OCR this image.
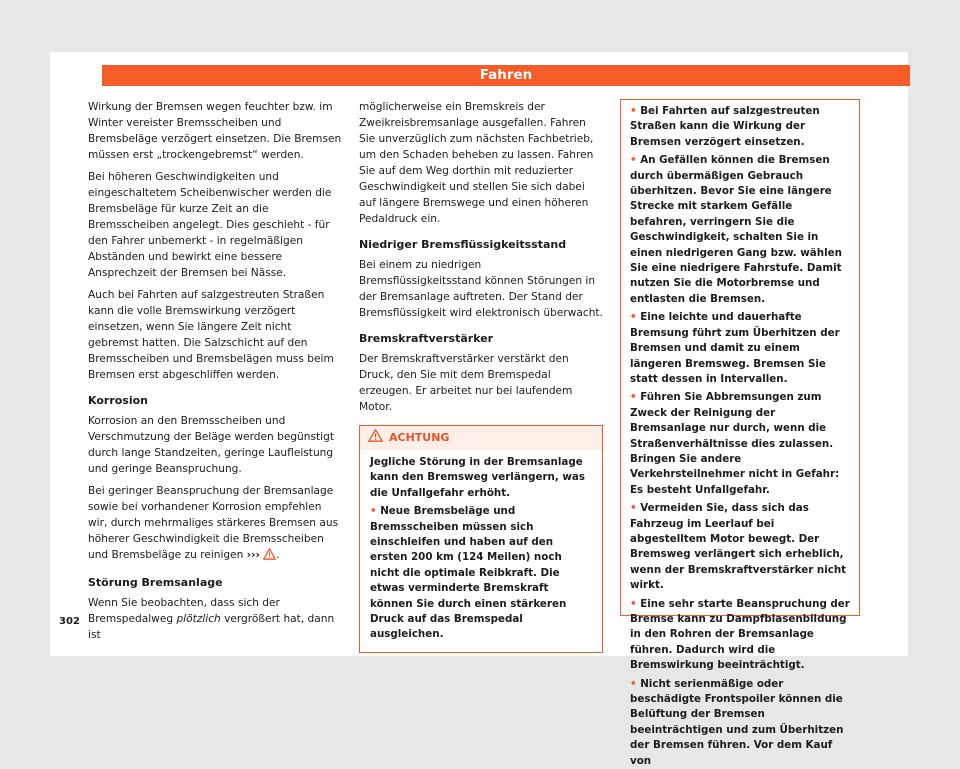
Fahren

Wirkung der Bremsen wegen feuchter bzw. im Winter vereister Bremsscheiben und Bremsbeläge verzögert einsetzen. Die Bremsen müssen erst „trockengebremst“ werden.

Bei höheren Geschwindigkeiten und eingeschaltetem Scheibenwischer werden die Bremsbeläge für kurze Zeit an die Bremsscheiben angelegt. Dies geschieht - für den Fahrer unbemerkt - in regelmäßigen Abständen und bewirkt eine bessere Ansprechzeit der Bremsen bei Nässe.

Auch bei Fahrten auf salzgestreuten Straßen kann die volle Bremswirkung verzögert einsetzen, wenn Sie längere Zeit nicht gebremst hatten. Die Salzschicht auf den Bremsscheiben und Bremsbelägen muss beim Bremsen erst abgeschliffen werden.

Korrosion

Korrosion an den Bremsscheiben und Verschmutzung der Beläge werden begünstigt durch lange Standzeiten, geringe Laufleistung und geringe Beanspruchung.

Bei geringer Beanspruchung der Bremsanlage sowie bei vorhandener Korrosion empfehlen wir, durch mehrmaliges stärkeres Bremsen aus höherer Geschwindigkeit die Bremsscheiben und Bremsbeläge zu reinigen ››› .

Störung Bremsanlage

Wenn Sie beobachten, dass sich der Bremspedalweg plötzlich vergrößert hat, dann ist

möglicherweise ein Bremskreis der Zweikreisbremsanlage ausgefallen. Fahren Sie unverzüglich zum nächsten Fachbetrieb, um den Schaden beheben zu lassen. Fahren Sie auf dem Weg dorthin mit reduzierter Geschwindigkeit und stellen Sie sich dabei auf längere Bremswege und einen höheren Pedaldruck ein.

Niedriger Bremsflüssigkeitsstand

Bei einem zu niedrigen Bremsflüssigkeitsstand können Störungen in der Bremsanlage auftreten. Der Stand der Bremsflüssigkeit wird elektronisch überwacht.

Bremskraftverstärker

Der Bremskraftverstärker verstärkt den Druck, den Sie mit dem Bremspedal erzeugen. Er arbeitet nur bei laufendem Motor.

ACHTUNG

Jegliche Störung in der Bremsanlage kann den Bremsweg verlängern, was die Unfallgefahr erhöht.

• Neue Bremsbeläge und Bremsscheiben müssen sich einschleifen und haben auf den ersten 200 km (124 Meilen) noch nicht die optimale Reibkraft. Die etwas verminderte Bremskraft können Sie durch einen stärkeren Druck auf das Bremspedal ausgleichen.

• Bei Fahrten auf salzgestreuten Straßen kann die Wirkung der Bremsen verzögert einsetzen.

• An Gefällen können die Bremsen durch übermäßigen Gebrauch überhitzen. Bevor Sie eine längere Strecke mit starkem Gefälle befahren, verringern Sie die Geschwindigkeit, schalten Sie in einen niedrigeren Gang bzw. wählen Sie eine niedrigere Fahrstufe. Damit nutzen Sie die Motorbremse und entlasten die Bremsen.

• Eine leichte und dauerhafte Bremsung führt zum Überhitzen der Bremsen und damit zu einem längeren Bremsweg. Bremsen Sie statt dessen in Intervallen.

• Führen Sie Abbremsungen zum Zweck der Reinigung der Bremsanlage nur durch, wenn die Straßenverhältnisse dies zulassen. Bringen Sie andere Verkehrsteilnehmer nicht in Gefahr: Es besteht Unfallgefahr.

• Vermeiden Sie, dass sich das Fahrzeug im Leerlauf bei abgestelltem Motor bewegt. Der Bremsweg verlängert sich erheblich, wenn der Bremskraftverstärker nicht wirkt.

• Eine sehr starte Beanspruchung der Bremse kann zu Dampfblasenbildung in den Rohren der Bremsanlage führen. Dadurch wird die Bremswirkung beeinträchtigt.

• Nicht serienmäßige oder beschädigte Frontspoiler können die Belüftung der Bremsen beeinträchtigen und zum Überhitzen der Bremsen führen. Vor dem Kauf von

302
